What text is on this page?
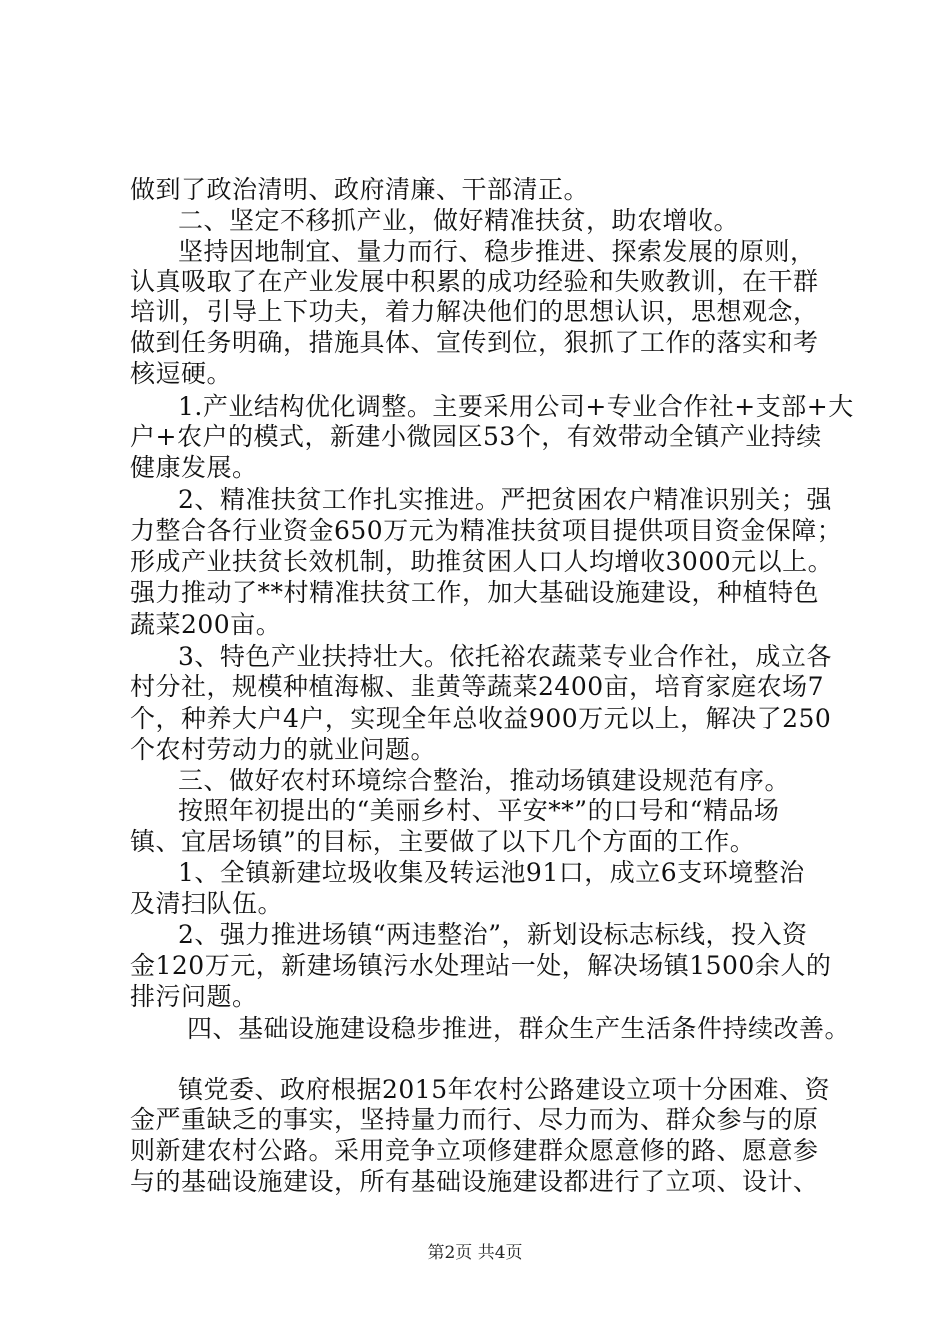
做到了政治清明、政府清廉、干部清正。
二、坚定不移抓产业，做好精准扶贫，助农增收。
坚持因地制宜、量力而行、稳步推进、探索发展的原则，
认真吸取了在产业发展中积累的成功经验和失败教训，在干群
培训，引导上下功夫，着力解决他们的思想认识，思想观念，
做到任务明确，措施具体、宣传到位，狠抓了工作的落实和考
核逗硬。
1.产业结构优化调整。主要采用公司+专业合作社+支部+大
户+农户的模式，新建小微园区53个，有效带动全镇产业持续
健康发展。
2、精准扶贫工作扎实推进。严把贫困农户精准识别关；强
力整合各行业资金650万元为精准扶贫项目提供项目资金保障；
形成产业扶贫长效机制，助推贫困人口人均增收3000元以上。
强力推动了**村精准扶贫工作，加大基础设施建设，种植特色
蔬菜200亩。
3、特色产业扶持壮大。依托裕农蔬菜专业合作社，成立各
村分社，规模种植海椒、韭黄等蔬菜2400亩，培育家庭农场7
个，种养大户4户，实现全年总收益900万元以上，解决了250
个农村劳动力的就业问题。
三、做好农村环境综合整治，推动场镇建设规范有序。
按照年初提出的“美丽乡村、平安**”的口号和“精品场
镇、宜居场镇”的目标，主要做了以下几个方面的工作。
1、全镇新建垃圾收集及转运池91口，成立6支环境整治
及清扫队伍。
2、强力推进场镇“两违整治”，新划设标志标线，投入资
金120万元，新建场镇污水处理站一处，解决场镇1500余人的
排污问题。
四、基础设施建设稳步推进，群众生产生活条件持续改善。
镇党委、政府根据2015年农村公路建设立项十分困难、资
金严重缺乏的事实，坚持量力而行、尽力而为、群众参与的原
则新建农村公路。采用竞争立项修建群众愿意修的路、愿意参
与的基础设施建设，所有基础设施建设都进行了立项、设计、
第2页 共4页
